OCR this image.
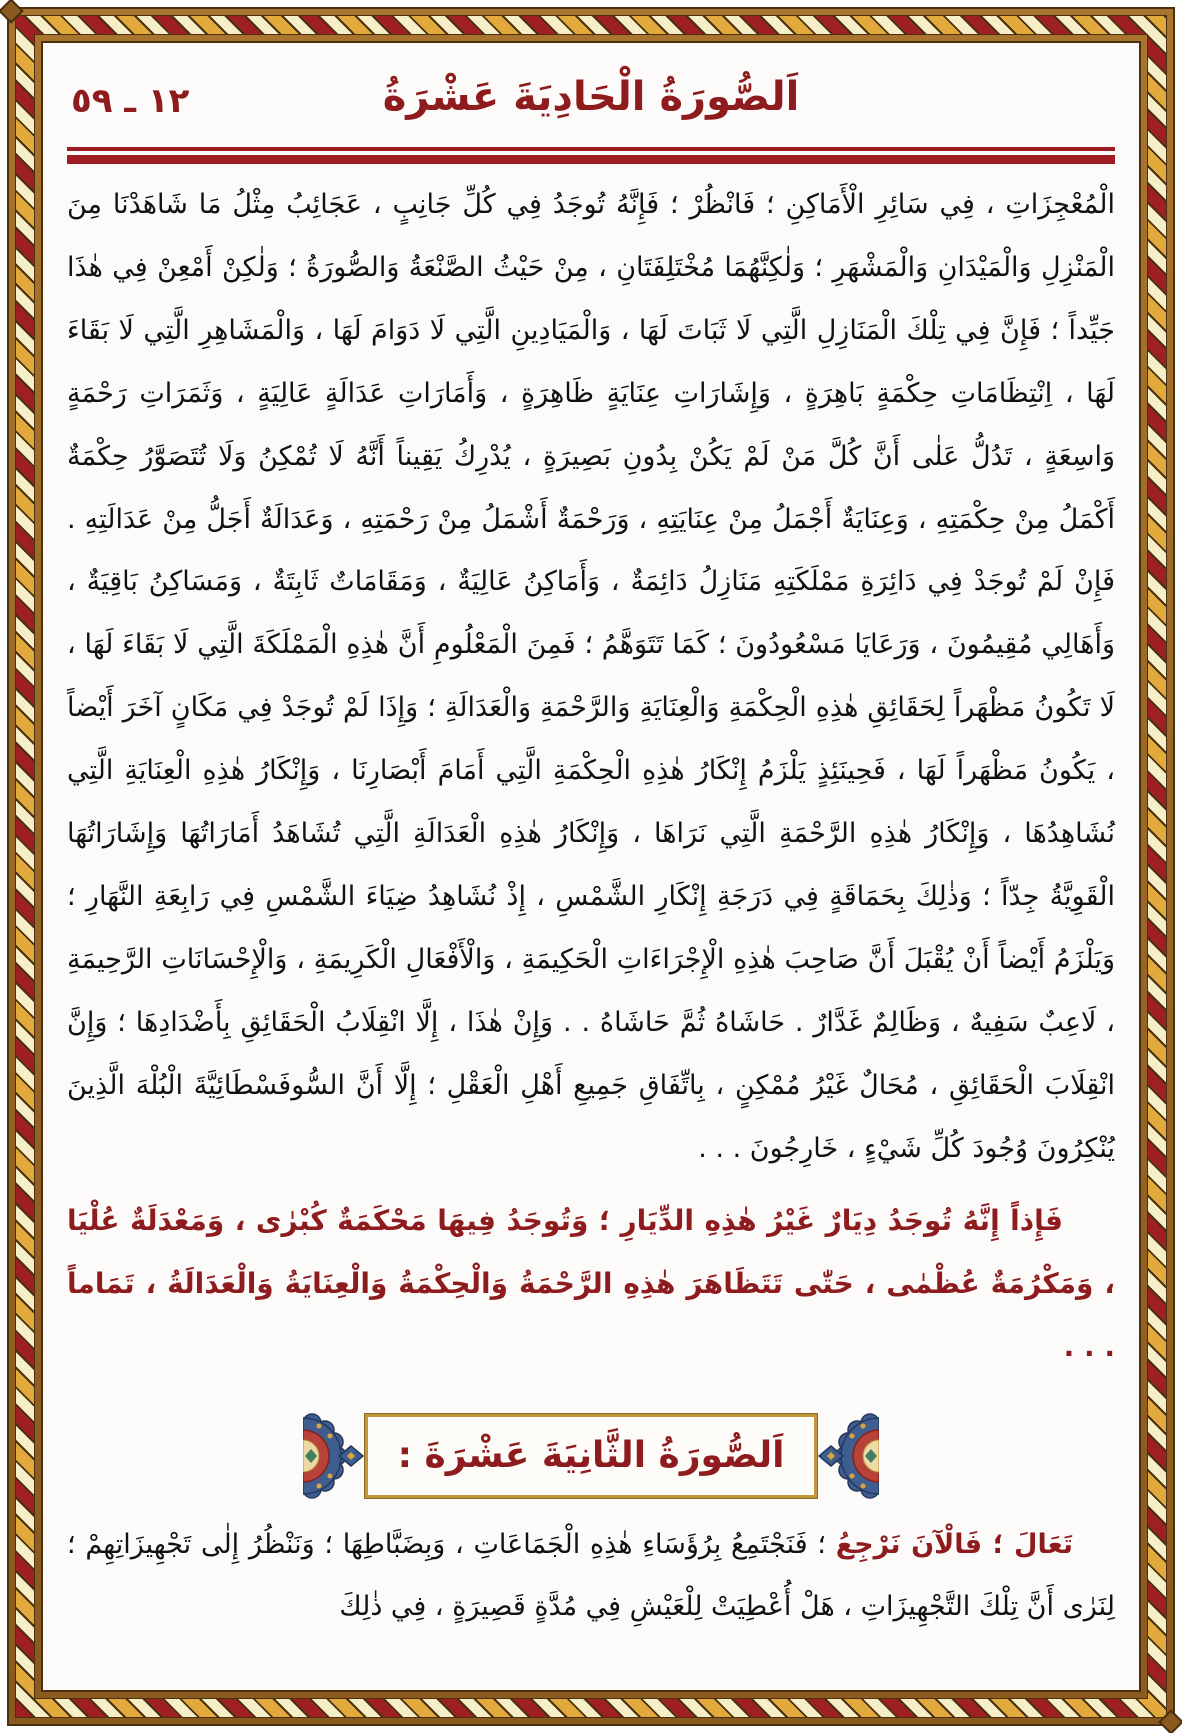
١٢ ـ ٥٩	اَلصُّورَةُ الْحَادِيَةَ عَشْرَةُ

الْمُعْجِزَاتِ ، فِي سَائِرِ الْأَمَاكِنِ ؛ فَانْظُرْ ؛ فَإِنَّهُ تُوجَدُ فِي كُلِّ جَانِبٍ ، عَجَائِبُ مِثْلُ مَا شَاهَدْنَا مِنَ الْمَنْزِلِ وَالْمَيْدَانِ وَالْمَشْهَرِ ؛ وَلٰكِنَّهُمَا مُخْتَلِفَتَانِ ، مِنْ حَيْثُ الصَّنْعَةُ وَالصُّورَةُ ؛ وَلٰكِنْ أَمْعِنْ فِي هٰذَا جَيِّداً ؛ فَإِنَّ فِي تِلْكَ الْمَنَازِلِ الَّتِي لَا ثَبَاتَ لَهَا ، وَالْمَيَادِينِ الَّتِي لَا دَوَامَ لَهَا ، وَالْمَشَاهِرِ الَّتِي لَا بَقَاءَ لَهَا ، اِنْتِظَامَاتِ حِكْمَةٍ بَاهِرَةٍ ، وَإِشَارَاتِ عِنَايَةٍ ظَاهِرَةٍ ، وَأَمَارَاتِ عَدَالَةٍ عَالِيَةٍ ، وَثَمَرَاتِ رَحْمَةٍ وَاسِعَةٍ ، تَدُلُّ عَلٰى أَنَّ كُلَّ مَنْ لَمْ يَكُنْ بِدُونِ بَصِيرَةٍ ، يُدْرِكُ يَقِيناً أَنَّهُ لَا تُمْكِنُ وَلَا تُتَصَوَّرُ حِكْمَةٌ أَكْمَلُ مِنْ حِكْمَتِهِ ، وَعِنَايَةٌ أَجْمَلُ مِنْ عِنَايَتِهِ ، وَرَحْمَةٌ أَشْمَلُ مِنْ رَحْمَتِهِ ، وَعَدَالَةٌ أَجَلُّ مِنْ عَدَالَتِهِ . فَإِنْ لَمْ تُوجَدْ فِي دَائِرَةِ مَمْلَكَتِهِ مَنَازِلُ دَائِمَةٌ ، وَأَمَاكِنُ عَالِيَةٌ ، وَمَقَامَاتٌ ثَابِتَةٌ ، وَمَسَاكِنُ بَاقِيَةٌ ، وَأَهَالِي مُقِيمُونَ ، وَرَعَايَا مَسْعُودُونَ ؛ كَمَا تَتَوَهَّمُ ؛ فَمِنَ الْمَعْلُومِ أَنَّ هٰذِهِ الْمَمْلَكَةَ الَّتِي لَا بَقَاءَ لَهَا ، لَا تَكُونُ مَظْهَراً لِحَقَائِقِ هٰذِهِ الْحِكْمَةِ وَالْعِنَايَةِ وَالرَّحْمَةِ وَالْعَدَالَةِ ؛ وَإِذَا لَمْ تُوجَدْ فِي مَكَانٍ آخَرَ أَيْضاً ، يَكُونُ مَظْهَراً لَهَا ، فَحِينَئِذٍ يَلْزَمُ إِنْكَارُ هٰذِهِ الْحِكْمَةِ الَّتِي أَمَامَ أَبْصَارِنَا ، وَإِنْكَارُ هٰذِهِ الْعِنَايَةِ الَّتِي نُشَاهِدُهَا ، وَإِنْكَارُ هٰذِهِ الرَّحْمَةِ الَّتِي نَرَاهَا ، وَإِنْكَارُ هٰذِهِ الْعَدَالَةِ الَّتِي تُشَاهَدُ أَمَارَاتُهَا وَإِشَارَاتُهَا الْقَوِيَّةُ جِدّاً ؛ وَذٰلِكَ بِحَمَاقَةٍ فِي دَرَجَةِ إِنْكَارِ الشَّمْسِ ، إِذْ نُشَاهِدُ ضِيَاءَ الشَّمْسِ فِي رَابِعَةِ النَّهَارِ ؛ وَيَلْزَمُ أَيْضاً أَنْ يُقْبَلَ أَنَّ صَاحِبَ هٰذِهِ الْإِجْرَاءَاتِ الْحَكِيمَةِ ، وَالْأَفْعَالِ الْكَرِيمَةِ ، وَالْإِحْسَانَاتِ الرَّحِيمَةِ ، لَاعِبٌ سَفِيهٌ ، وَظَالِمٌ غَدَّارٌ . حَاشَاهُ ثُمَّ حَاشَاهُ . . وَإِنْ هٰذَا ، إِلَّا انْقِلَابُ الْحَقَائِقِ بِأَضْدَادِهَا ؛ وَإِنَّ انْقِلَابَ الْحَقَائِقِ ، مُحَالٌ غَيْرُ مُمْكِنٍ ، بِاتِّفَاقِ جَمِيعِ أَهْلِ الْعَقْلِ ؛ إِلَّا أَنَّ السُّوفَسْطَائِيَّةَ الْبُلْهَ الَّذِينَ يُنْكِرُونَ وُجُودَ كُلِّ شَيْءٍ ، خَارِجُونَ . . .

فَإِذاً إِنَّهُ تُوجَدُ دِيَارٌ غَيْرُ هٰذِهِ الدِّيَارِ ؛ وَتُوجَدُ فِيهَا مَحْكَمَةٌ كُبْرٰى ، وَمَعْدَلَةٌ عُلْيَا ، وَمَكْرُمَةٌ عُظْمٰى ، حَتّٰى تَتَظَاهَرَ هٰذِهِ الرَّحْمَةُ وَالْحِكْمَةُ وَالْعِنَايَةُ وَالْعَدَالَةُ ، تَمَاماً . . .

اَلصُّورَةُ الثَّانِيَةَ عَشْرَةَ :

تَعَالَ ؛ فَالْآنَ نَرْجِعُ ؛ فَنَجْتَمِعُ بِرُؤَسَاءِ هٰذِهِ الْجَمَاعَاتِ ، وَبِضَبَّاطِهَا ؛ وَنَنْظُرُ إِلٰى تَجْهِيزَاتِهِمْ ؛ لِنَرٰى أَنَّ تِلْكَ التَّجْهِيزَاتِ ، هَلْ أُعْطِيَتْ لِلْعَيْشِ فِي مُدَّةٍ قَصِيرَةٍ ، فِي ذٰلِكَ
